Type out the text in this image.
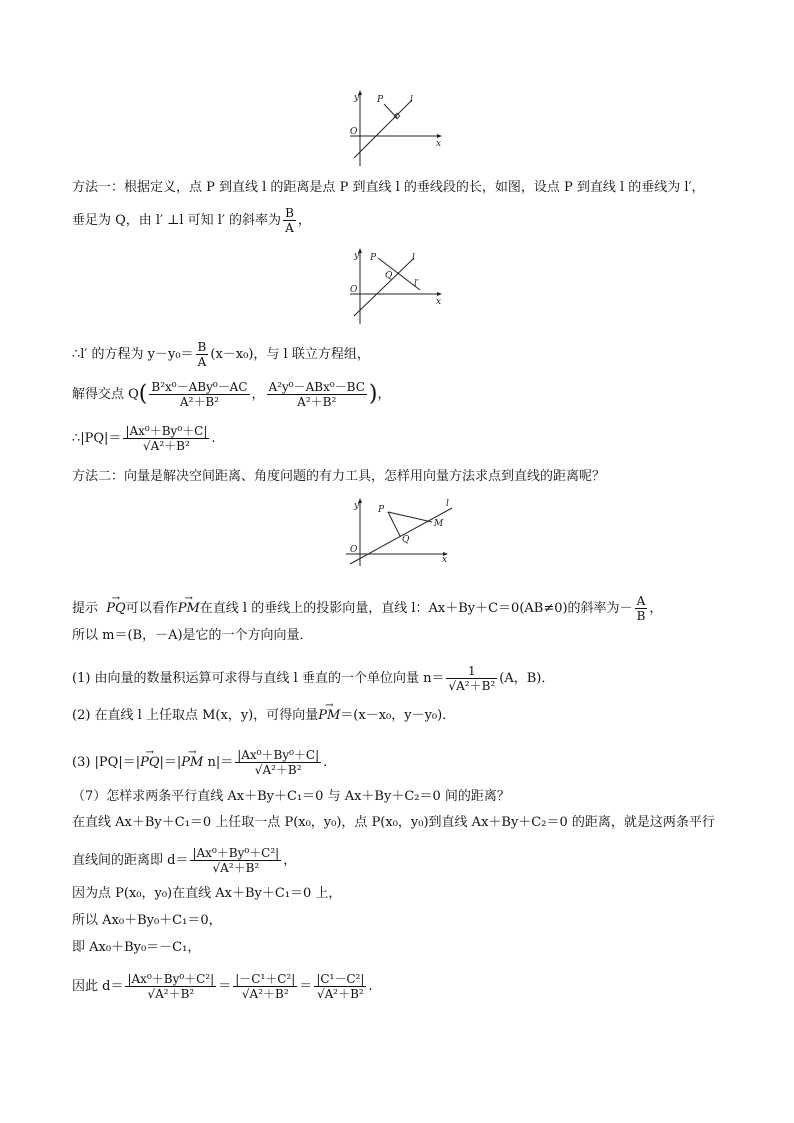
y P	l
O
x
方法一：根据定义，点 P 到直线 l 的距离是点 P 到直线 l 的垂线段的长，如图，设点 P 到直线 l 的垂线为 l′，
垂足为 Q，由 l′ ⊥l 可知 l′ 的斜率为 $\frac{B}{A}$ ，
y P
Q
l
l′
O
x
∴l′ 的方程为 $y-y_0= \frac{B}{A} (x-x_0)$，与 l 联立方程组，
解得交点 $Q( \frac{\text{B²x⁰－ABy⁰－AC}}{\text{A²＋B²}}$ ， $\frac{\text{A²y⁰－ABx⁰－BC}}{\text{A²＋B²}}$ )，
∴|PQ|＝ $\frac{\text{|Ax⁰＋By⁰＋C|}}{\text{√A²＋B²}}$ .
方法二：向量是解决空间距离、角度问题的有力工具，怎样用向量方法求点到直线的距离呢？
y	l
P
M
Q
O
x
提示  → PQ可以看作→ PM在直线 l 的垂线上的投影向量，直线 l：Ax＋By＋C＝0(AB≠0)的斜率为－ $\frac{A}{B}$ ，
所以 m＝(B，－A)是它的一个方向向量．
(1) 由向量的数量积运算可求得与直线 l 垂直的一个单位向量 $n= \frac{1}{\text{√A²＋B²}} (A$，B)．
(2) 在直线 l 上任取点 M(x，y)，可得向量→ PM＝(x－x₀，y－y₀)．
(3) |PQ|＝|→ PQ|＝|→ PM $n|= \frac{\text{|Ax⁰＋By⁰＋C|}}{\text{√A²＋B²}}$ .
（7）怎样求两条平行直线 Ax＋By＋C₁＝0 与 Ax＋By＋C₂＝0 间的距离？
在直线 Ax＋By＋C₁＝0 上任取一点 P(x₀，y₀)，点 P(x₀，y₀)到直线 Ax＋By＋C₂＝0 的距离，就是这两条平行
直线间的距离即 $d= \frac{\text{|Ax⁰＋By⁰＋C²|}}{\text{√A²＋B²}}$ ，
因为点 P(x₀，y₀)在直线 Ax＋By＋C₁＝0 上，
所以 Ax₀＋By₀＋C₁＝0，
即 Ax₀＋By₀＝－C₁，
因此 $d= \frac{\text{|Ax⁰＋By⁰＋C²|}}{\text{√A²＋B²}} = \frac{\text{|－C¹＋C²|}}{\text{√A²＋B²}} = \frac{\text{|C¹－C²|}}{\text{√A²＋B²}}$ .
